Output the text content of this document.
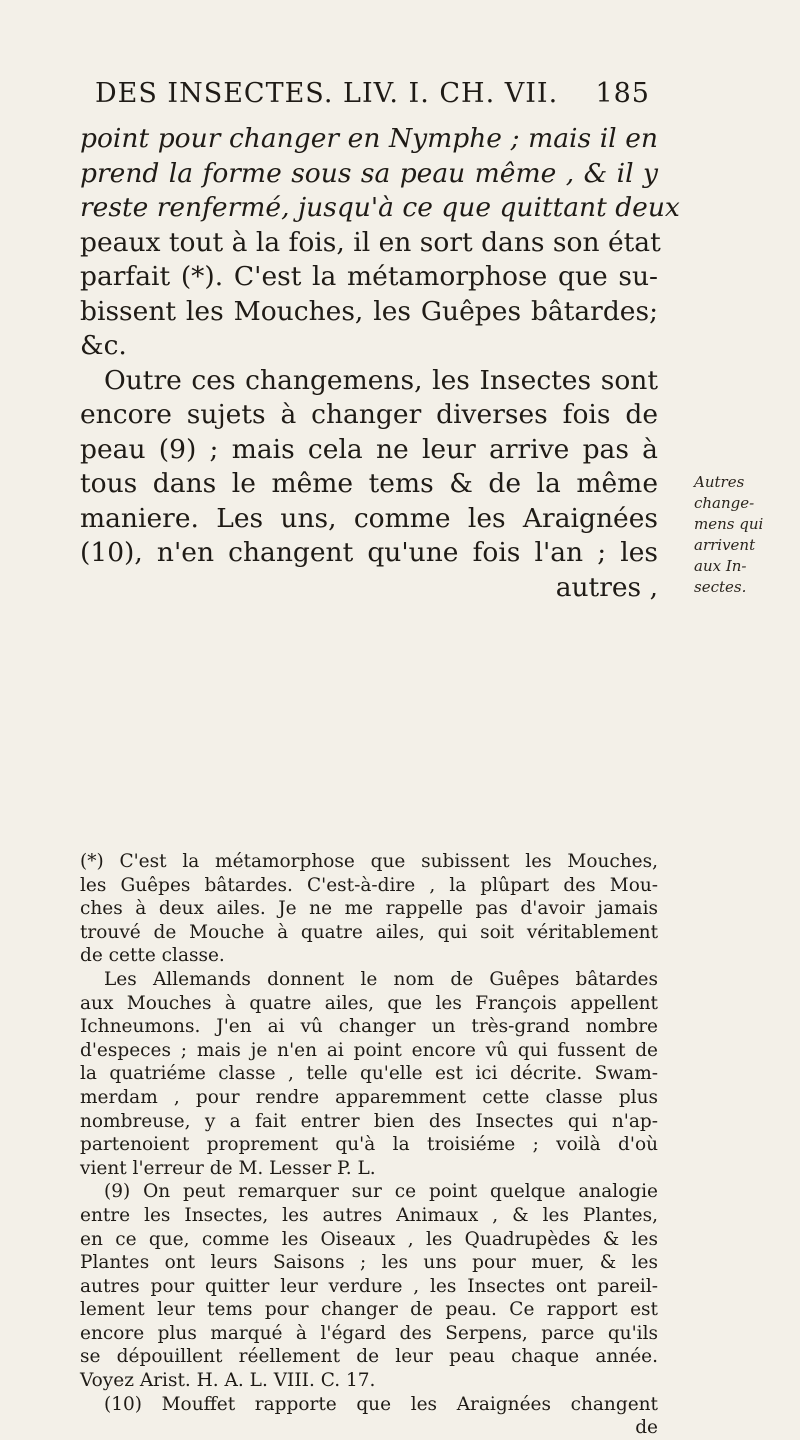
DES INSECTES. LIV. I. CH. VII. 185
point pour changer en Nymphe ; mais il en
prend la forme sous sa peau même , & il y
reste renfermé, jusqu'à ce que quittant deux
peaux tout à la fois, il en sort dans son état
parfait (*). C'est la métamorphose que su-
bissent les Mouches, les Guêpes bâtardes;
&c.
Outre ces changemens, les Insectes sont
encore sujets à changer diverses fois de
peau (9) ; mais cela ne leur arrive pas à
tous dans le même tems & de la même
maniere. Les uns, comme les Araignées
(10), n'en changent qu'une fois l'an ; les
autres ,
Autres
change-
mens qui
arrivent
aux In-
sectes.
(*) C'est la métamorphose que subissent les Mouches,
les Guêpes bâtardes. C'est-à-dire , la plûpart des Mou-
ches à deux ailes. Je ne me rappelle pas d'avoir jamais
trouvé de Mouche à quatre ailes, qui soit véritablement
de cette classe.
Les Allemands donnent le nom de Guêpes bâtardes
aux Mouches à quatre ailes, que les François appellent
Ichneumons. J'en ai vû changer un très-grand nombre
d'especes ; mais je n'en ai point encore vû qui fussent de
la quatriéme classe , telle qu'elle est ici décrite. Swam-
merdam , pour rendre apparemment cette classe plus
nombreuse, y a fait entrer bien des Insectes qui n'ap-
partenoient proprement qu'à la troisiéme ; voilà d'où
vient l'erreur de M. Lesser P. L.
(9) On peut remarquer sur ce point quelque analogie
entre les Insectes, les autres Animaux , & les Plantes,
en ce que, comme les Oiseaux , les Quadrupèdes & les
Plantes ont leurs Saisons ; les uns pour muer, & les
autres pour quitter leur verdure , les Insectes ont pareil-
lement leur tems pour changer de peau. Ce rapport est
encore plus marqué à l'égard des Serpens, parce qu'ils
se dépouillent réellement de leur peau chaque année.
Voyez Arist. H. A. L. VIII. C. 17.
(10) Mouffet rapporte que les Araignées changent
de
